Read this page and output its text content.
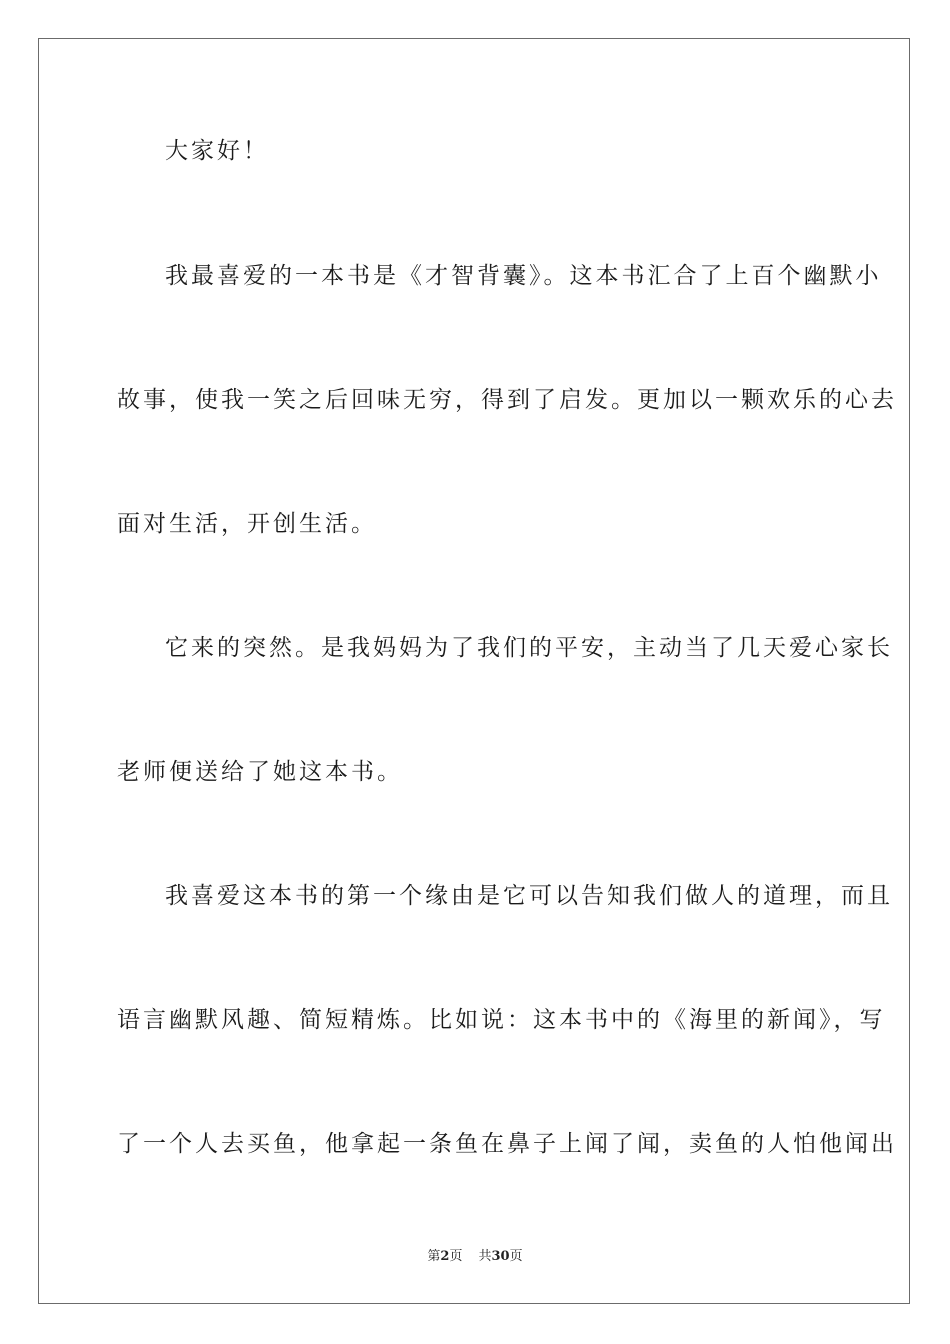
大家好！
我最喜爱的一本书是《才智背囊》。这本书汇合了上百个幽默小
故事，使我一笑之后回味无穷，得到了启发。更加以一颗欢乐的心去
面对生活，开创生活。
它来的突然。是我妈妈为了我们的平安，主动当了几天爱心家长
老师便送给了她这本书。
我喜爱这本书的第一个缘由是它可以告知我们做人的道理，而且
语言幽默风趣、简短精炼。比如说：这本书中的《海里的新闻》，写
了一个人去买鱼，他拿起一条鱼在鼻子上闻了闻，卖鱼的人怕他闻出
第2页 共30页
